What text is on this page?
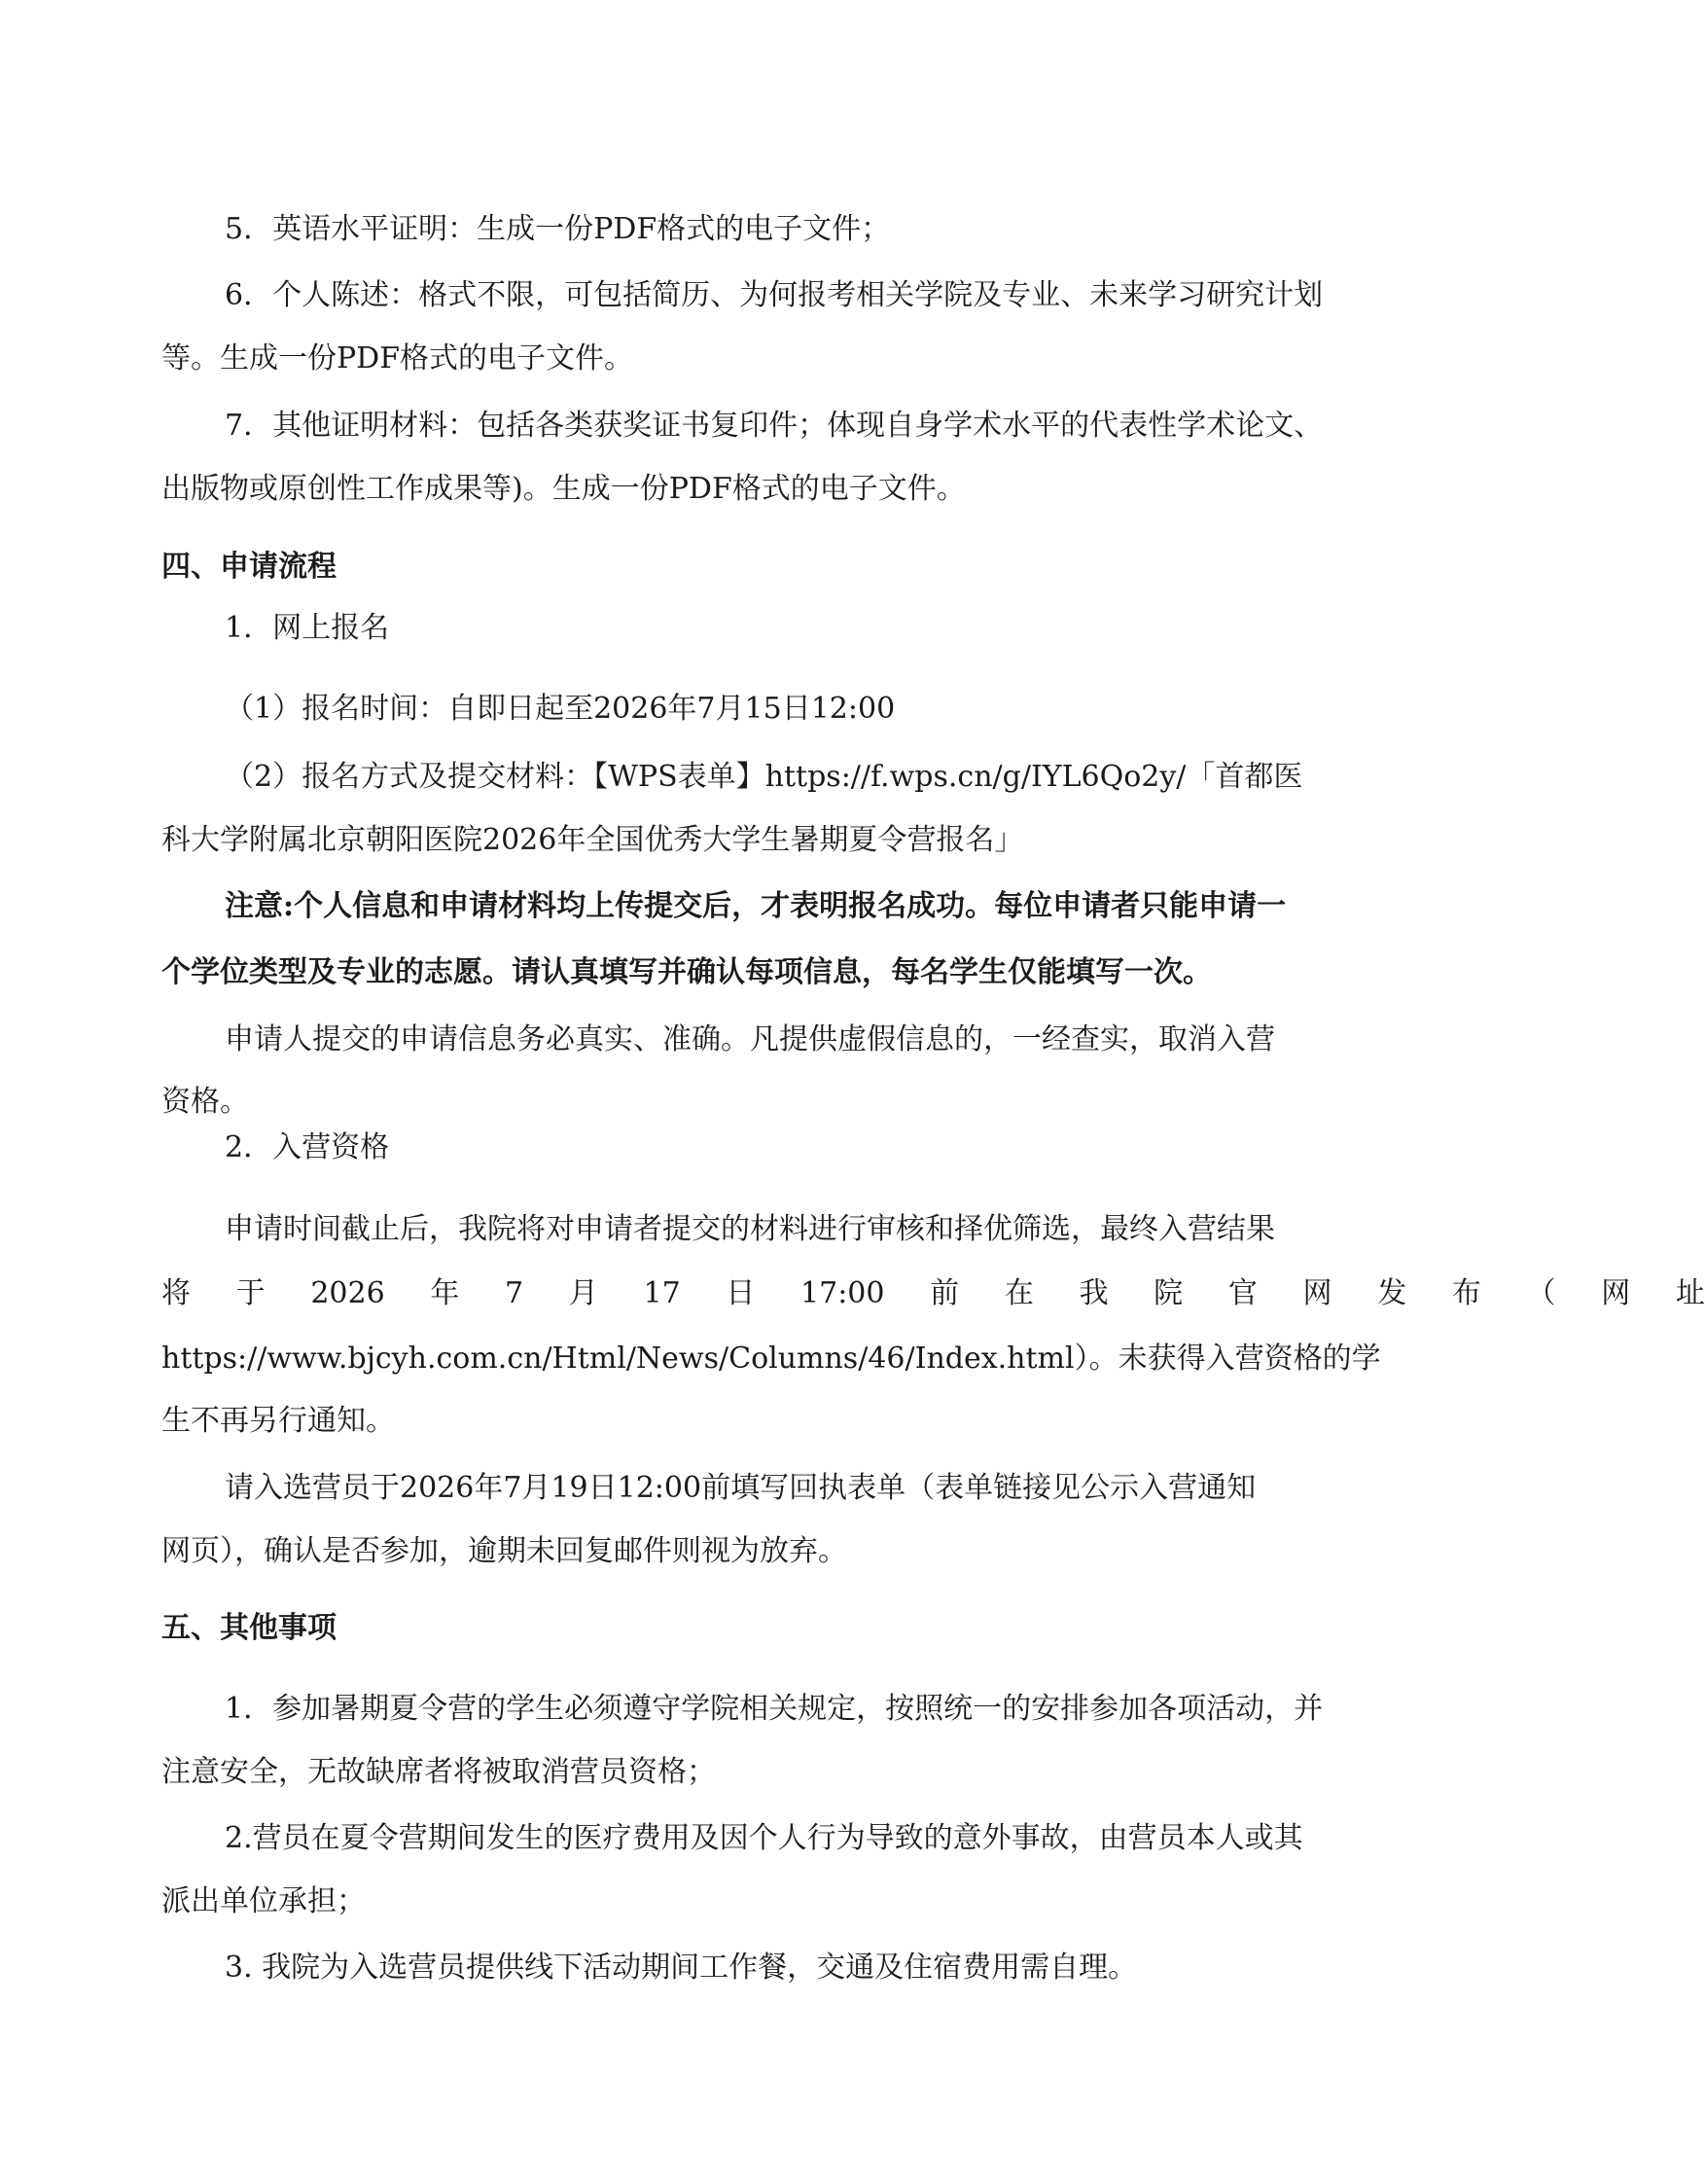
5．英语水平证明：生成一份PDF格式的电子文件；
6．个人陈述：格式不限，可包括简历、为何报考相关学院及专业、未来学习研究计划
等。生成一份PDF格式的电子文件。
7．其他证明材料：包括各类获奖证书复印件；体现自身学术水平的代表性学术论文、
出版物或原创性工作成果等)。生成一份PDF格式的电子文件。
四、申请流程
1．网上报名
（1）报名时间：自即日起至2026年7月15日12:00
（2）报名方式及提交材料：【WPS表单】https://f.wps.cn/g/IYL6Qo2y/「首都医
科大学附属北京朝阳医院2026年全国优秀大学生暑期夏令营报名」
注意:个人信息和申请材料均上传提交后，才表明报名成功。每位申请者只能申请一
个学位类型及专业的志愿。请认真填写并确认每项信息，每名学生仅能填写一次。
申请人提交的申请信息务必真实、准确。凡提供虚假信息的，一经查实，取消入营
资格。
2．入营资格
申请时间截止后，我院将对申请者提交的材料进行审核和择优筛选，最终入营结果
将 于 2026 年 7 月 17 日 17:00 前 在 我 院 官 网 发 布 （ 网 址
https://www.bjcyh.com.cn/Html/News/Columns/46/Index.html）。未获得入营资格的学
生不再另行通知。
请入选营员于2026年7月19日12:00前填写回执表单（表单链接见公示入营通知
网页），确认是否参加，逾期未回复邮件则视为放弃。
五、其他事项
1．参加暑期夏令营的学生必须遵守学院相关规定，按照统一的安排参加各项活动，并
注意安全，无故缺席者将被取消营员资格；
2.营员在夏令营期间发生的医疗费用及因个人行为导致的意外事故，由营员本人或其
派出单位承担；
3. 我院为入选营员提供线下活动期间工作餐，交通及住宿费用需自理。
